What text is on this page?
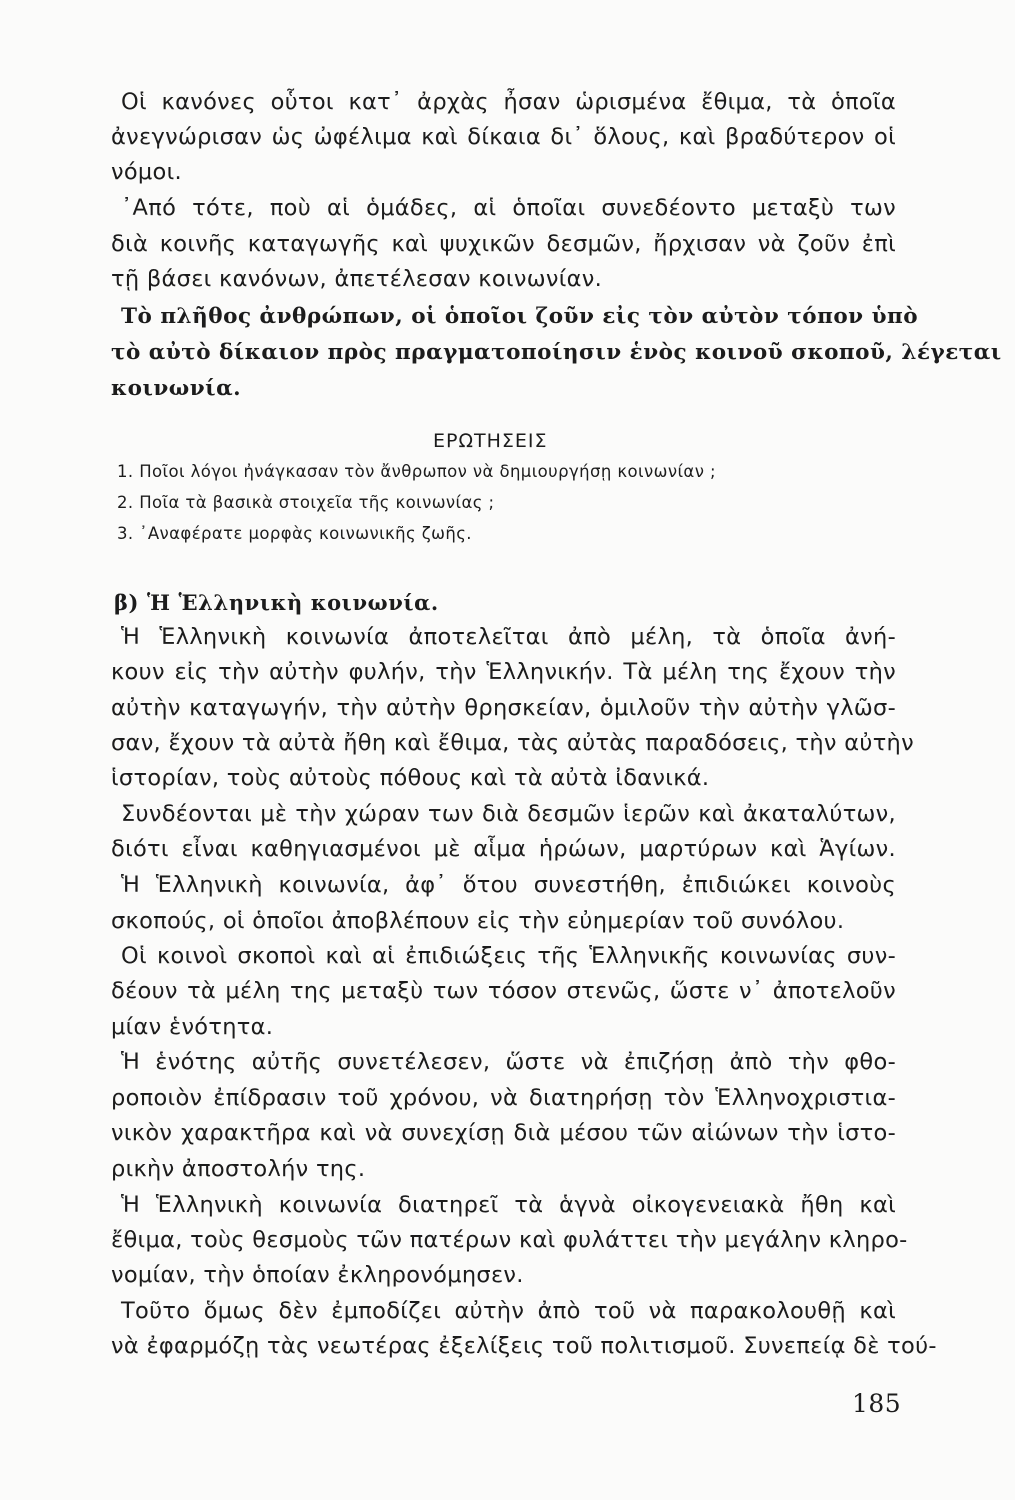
Οἱ κανόνες οὗτοι κατ᾽ ἀρχὰς ἦσαν ὡρισμένα ἔθιμα, τὰ ὁποῖα

ἀνεγνώρισαν ὡς ὠφέλιμα καὶ δίκαια δι᾽ ὅλους, καὶ βραδύτερον οἱ

νόμοι.

᾽Από τότε, ποὺ αἱ ὁμάδες, αἱ ὁποῖαι συνεδέοντο μεταξὺ των

διὰ κοινῆς καταγωγῆς καὶ ψυχικῶν δεσμῶν, ἤρχισαν νὰ ζοῦν ἐπὶ

τῇ βάσει κανόνων, ἀπετέλεσαν κοινωνίαν.

Τὸ πλῆθος ἀνθρώπων, οἱ ὁποῖοι ζοῦν εἰς τὸν αὐτὸν τόπον ὑπὸ

τὸ αὐτὸ δίκαιον πρὸς πραγματοποίησιν ἑνὸς κοινοῦ σκοποῦ, λέγεται

κοινωνία.

ΕΡΩΤΗΣΕΙΣ

1. Ποῖοι λόγοι ἠνάγκασαν τὸν ἄνθρωπον νὰ δημιουργήσῃ κοινωνίαν ;

2. Ποῖα τὰ βασικὰ στοιχεῖα τῆς κοινωνίας ;

3. ᾽Αναφέρατε μορφὰς κοινωνικῆς ζωῆς.

β) Ἡ Ἑλληνικὴ κοινωνία.

Ἡ Ἑλληνικὴ κοινωνία ἀποτελεῖται ἀπὸ μέλη, τὰ ὁποῖα ἀνή-

κουν εἰς τὴν αὐτὴν φυλήν, τὴν Ἑλληνικήν. Τὰ μέλη της ἔχουν τὴν

αὐτὴν καταγωγήν, τὴν αὐτὴν θρησκείαν, ὁμιλοῦν τὴν αὐτὴν γλῶσ-

σαν, ἔχουν τὰ αὐτὰ ἤθη καὶ ἔθιμα, τὰς αὐτὰς παραδόσεις, τὴν αὐτὴν

ἱστορίαν, τοὺς αὐτοὺς πόθους καὶ τὰ αὐτὰ ἰδανικά.

Συνδέονται μὲ τὴν χώραν των διὰ δεσμῶν ἱερῶν καὶ ἀκαταλύτων,

διότι εἶναι καθηγιασμένοι μὲ αἷμα ἡρώων, μαρτύρων καὶ Ἁγίων.

Ἡ Ἑλληνικὴ κοινωνία, ἀφ᾽ ὅτου συνεστήθη, ἐπιδιώκει κοινοὺς

σκοπούς, οἱ ὁποῖοι ἀποβλέπουν εἰς τὴν εὐημερίαν τοῦ συνόλου.

Οἱ κοινοὶ σκοποὶ καὶ αἱ ἐπιδιώξεις τῆς Ἑλληνικῆς κοινωνίας συν-

δέουν τὰ μέλη της μεταξὺ των τόσον στενῶς, ὥστε ν᾽ ἀποτελοῦν

μίαν ἑνότητα.

Ἡ ἑνότης αὐτῆς συνετέλεσεν, ὥστε νὰ ἐπιζήσῃ ἀπὸ τὴν φθο-

ροποιὸν ἐπίδρασιν τοῦ χρόνου, νὰ διατηρήσῃ τὸν Ἑλληνοχριστια-

νικὸν χαρακτῆρα καὶ νὰ συνεχίσῃ διὰ μέσου τῶν αἰώνων τὴν ἱστο-

ρικὴν ἀποστολήν της.

Ἡ Ἑλληνικὴ κοινωνία διατηρεῖ τὰ ἁγνὰ οἰκογενειακὰ ἤθη καὶ

ἔθιμα, τοὺς θεσμοὺς τῶν πατέρων καὶ φυλάττει τὴν μεγάλην κληρο-

νομίαν, τὴν ὁποίαν ἐκληρονόμησεν.

Τοῦτο ὅμως δὲν ἐμποδίζει αὐτὴν ἀπὸ τοῦ νὰ παρακολουθῇ καὶ

νὰ ἐφαρμόζῃ τὰς νεωτέρας ἐξελίξεις τοῦ πολιτισμοῦ. Συνεπείᾳ δὲ τού-

185
